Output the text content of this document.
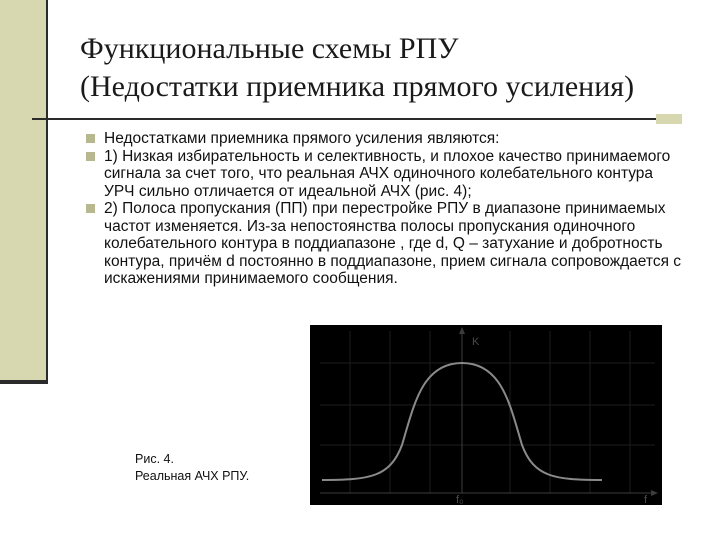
Функциональные схемы РПУ
(Недостатки приемника прямого усиления)
Недостатками приемника прямого усиления являются:
1) Низкая избирательность и селективность, и плохое качество принимаемого сигнала за счет того, что реальная АЧХ одиночного колебательного контура УРЧ сильно отличается от идеальной АЧХ (рис. 4);
2) Полоса пропускания (ПП) при перестройке РПУ в диапазоне принимаемых частот изменяется. Из-за непостоянства полосы пропускания одиночного колебательного контура в поддиапазоне , где d, Q – затухание и добротность контура, причём d постоянно в поддиапазоне, прием сигнала сопровождается с искажениями принимаемого сообщения.
K
f₀	f
Рис. 4.
Реальная АЧХ РПУ.
